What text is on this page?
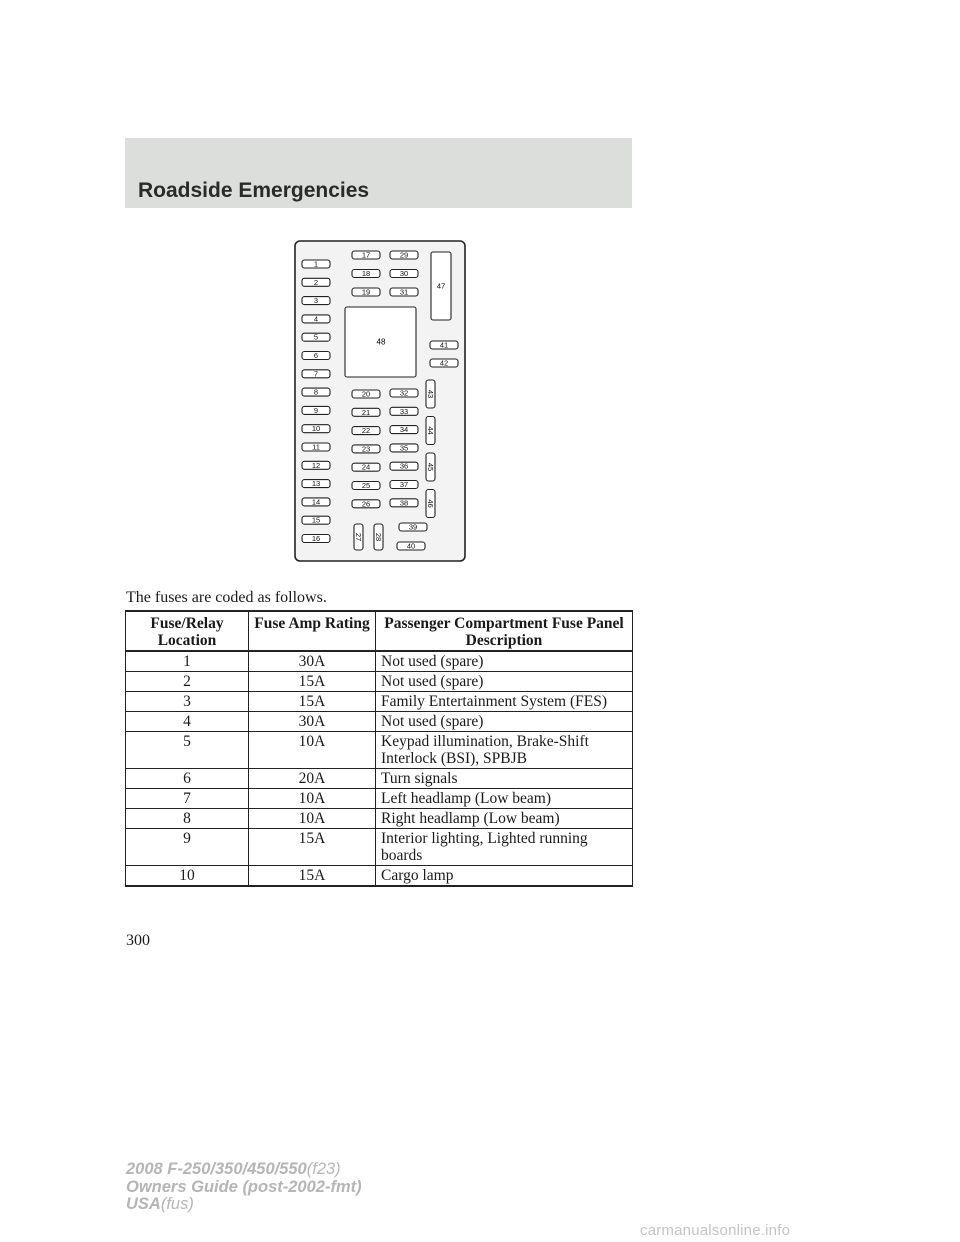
Roadside Emergencies
1
2
3
4
5
6
7
8
9
10
11
12
13
14
15
16
17
18
19
29
30
31
48
47
41
42
20
21
22
23
24
25
26
32
33
34
35
36
37
38
43
44
45
46
27 28
39
40

The fuses are coded as follows.

Fuse/Relay Location	Fuse Amp Rating	Passenger Compartment Fuse Panel Description
1	30A	Not used (spare)
2	15A	Not used (spare)
3	15A	Family Entertainment System (FES)
4	30A	Not used (spare)
5	10A	Keypad illumination, Brake-Shift Interlock (BSI), SPBJB
6	20A	Turn signals
7	10A	Left headlamp (Low beam)
8	10A	Right headlamp (Low beam)
9	15A	Interior lighting, Lighted running boards
10	15A	Cargo lamp

300

2008 F-250/350/450/550(f23)
Owners Guide (post-2002-fmt)
USA(fus)
carmanualsonline.info
